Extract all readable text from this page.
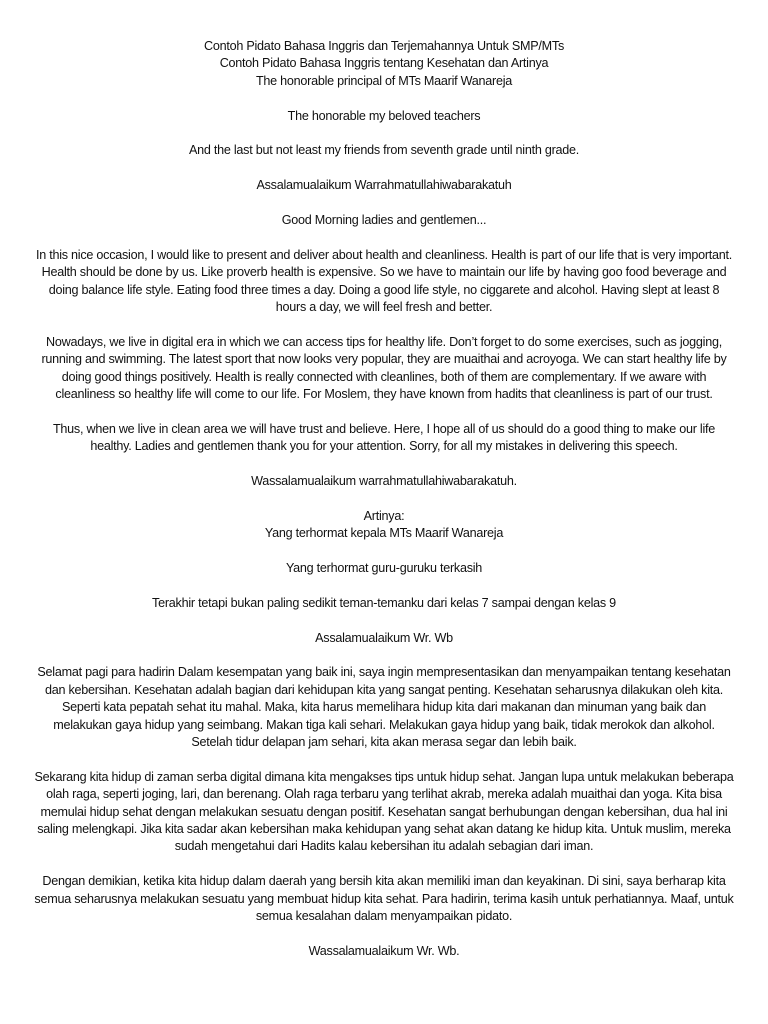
Contoh Pidato Bahasa Inggris dan Terjemahannya Untuk SMP/MTs
Contoh Pidato Bahasa Inggris tentang Kesehatan dan Artinya
The honorable principal of MTs Maarif Wanareja

The honorable my beloved teachers

And the last but not least my friends from seventh grade until ninth grade.

Assalamualaikum Warrahmatullahiwabarakatuh

Good Morning ladies and gentlemen...

In this nice occasion, I would like to present and deliver about health and cleanliness. Health is part of our life that is very important. Health should be done by us. Like proverb health is expensive. So we have to maintain our life by having goo food beverage and doing balance life style. Eating food three times a day. Doing a good life style, no ciggarete and alcohol. Having slept at least 8 hours a day, we will feel fresh and better.

Nowadays, we live in digital era in which we can access tips for healthy life. Don’t forget to do some exercises, such as jogging, running and swimming. The latest sport that now looks very popular, they are muaithai and acroyoga. We can start healthy life by doing good things positively. Health is really connected with cleanlines, both of them are complementary. If we aware with cleanliness so healthy life will come to our life. For Moslem, they have known from hadits that cleanliness is part of our trust.

Thus, when we live in clean area we will have trust and believe. Here, I hope all of us should do a good thing to make our life healthy. Ladies and gentlemen thank you for your attention. Sorry, for all my mistakes in delivering this speech.

Wassalamualaikum warrahmatullahiwabarakatuh.

Artinya:
Yang terhormat kepala MTs Maarif Wanareja

Yang terhormat guru-guruku terkasih

Terakhir tetapi bukan paling sedikit teman-temanku dari kelas 7 sampai dengan kelas 9

Assalamualaikum Wr. Wb

Selamat pagi para hadirin Dalam kesempatan yang baik ini, saya ingin mempresentasikan dan menyampaikan tentang kesehatan dan kebersihan. Kesehatan adalah bagian dari kehidupan kita yang sangat penting. Kesehatan seharusnya dilakukan oleh kita. Seperti kata pepatah sehat itu mahal. Maka, kita harus memelihara hidup kita dari makanan dan minuman yang baik dan melakukan gaya hidup yang seimbang. Makan tiga kali sehari. Melakukan gaya hidup yang baik, tidak merokok dan alkohol. Setelah tidur delapan jam sehari, kita akan merasa segar dan lebih baik.

Sekarang kita hidup di zaman serba digital dimana kita mengakses tips untuk hidup sehat. Jangan lupa untuk melakukan beberapa olah raga, seperti joging, lari, dan berenang. Olah raga terbaru yang terlihat akrab, mereka adalah muaithai dan yoga. Kita bisa memulai hidup sehat dengan melakukan sesuatu dengan positif. Kesehatan sangat berhubungan dengan kebersihan, dua hal ini saling melengkapi. Jika kita sadar akan kebersihan maka kehidupan yang sehat akan datang ke hidup kita. Untuk muslim, mereka sudah mengetahui dari Hadits kalau kebersihan itu adalah sebagian dari iman.

Dengan demikian, ketika kita hidup dalam daerah yang bersih kita akan memiliki iman dan keyakinan. Di sini, saya berharap kita semua seharusnya melakukan sesuatu yang membuat hidup kita sehat. Para hadirin, terima kasih untuk perhatiannya. Maaf, untuk semua kesalahan dalam menyampaikan pidato.

Wassalamualaikum Wr. Wb.
